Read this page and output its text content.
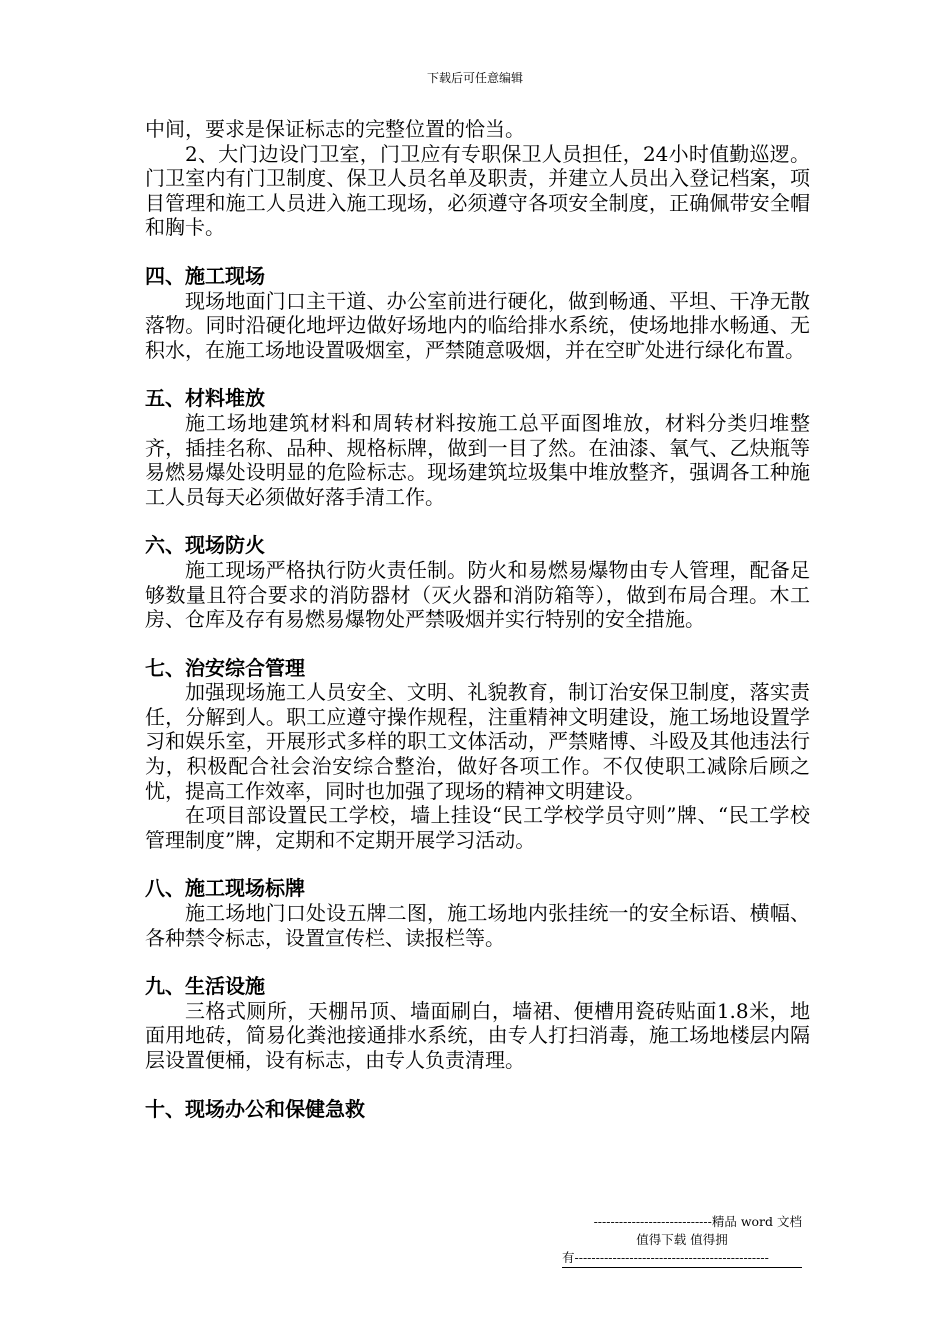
下载后可任意编辑

中间，要求是保证标志的完整位置的恰当。

2、大门边设门卫室，门卫应有专职保卫人员担任，24小时值勤巡逻。门卫室内有门卫制度、保卫人员名单及职责，并建立人员出入登记档案，项目管理和施工人员进入施工现场，必须遵守各项安全制度，正确佩带安全帽和胸卡。

四、施工现场

现场地面门口主干道、办公室前进行硬化，做到畅通、平坦、干净无散落物。同时沿硬化地坪边做好场地内的临给排水系统，使场地排水畅通、无积水，在施工场地设置吸烟室，严禁随意吸烟，并在空旷处进行绿化布置。

五、材料堆放

施工场地建筑材料和周转材料按施工总平面图堆放，材料分类归堆整齐，插挂名称、品种、规格标牌，做到一目了然。在油漆、氧气、乙炔瓶等易燃易爆处设明显的危险标志。现场建筑垃圾集中堆放整齐，强调各工种施工人员每天必须做好落手清工作。

六、现场防火

施工现场严格执行防火责任制。防火和易燃易爆物由专人管理，配备足够数量且符合要求的消防器材（灭火器和消防箱等），做到布局合理。木工房、仓库及存有易燃易爆物处严禁吸烟并实行特别的安全措施。

七、治安综合管理

加强现场施工人员安全、文明、礼貌教育，制订治安保卫制度，落实责任，分解到人。职工应遵守操作规程，注重精神文明建设，施工场地设置学习和娱乐室，开展形式多样的职工文体活动，严禁赌博、斗殴及其他违法行为，积极配合社会治安综合整治，做好各项工作。不仅使职工减除后顾之忧，提高工作效率，同时也加强了现场的精神文明建设。

在项目部设置民工学校，墙上挂设“民工学校学员守则”牌、“民工学校管理制度”牌，定期和不定期开展学习活动。

八、施工现场标牌

施工场地门口处设五牌二图，施工场地内张挂统一的安全标语、横幅、各种禁令标志，设置宣传栏、读报栏等。

九、生活设施

三格式厕所，天棚吊顶、墙面刷白，墙裙、便槽用瓷砖贴面1.8米，地面用地砖，简易化粪池接通排水系统，由专人打扫消毒，施工场地楼层内隔层设置便桶，设有标志，由专人负责清理。

十、现场办公和保健急救
----------------------------精品 word 文档
值得下载 值得拥
有----------------------------------------------
